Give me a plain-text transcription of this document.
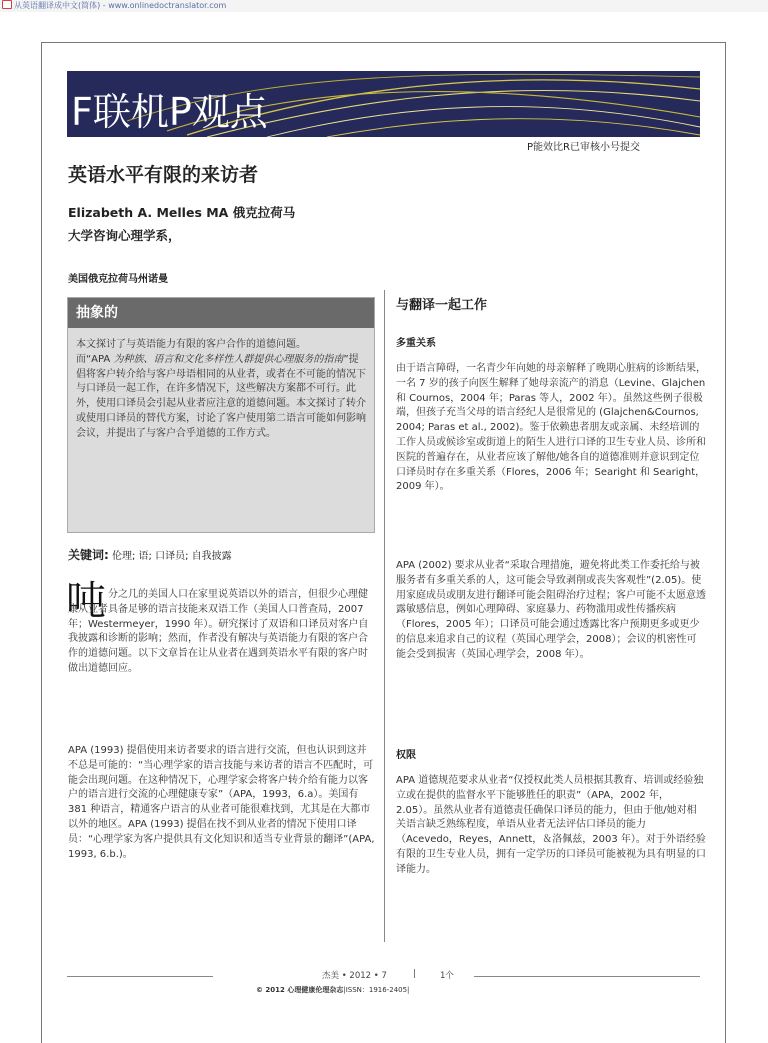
从英语翻译成中文(简体) - www.onlinedoctranslator.com
F联机P观点
P能效比R已审核小号提交
英语水平有限的来访者
Elizabeth A. Melles MA 俄克拉荷马
大学咨询心理学系，
美国俄克拉荷马州诺曼
抽象的
本文探讨了与英语能力有限的客户合作的道德问题。
而“APA 为种族、语言和文化多样性人群提供心理服务的指南”提倡将客户转介给与客户母语相同的从业者，或者在不可能的情况下与口译员一起工作，在许多情况下，这些解决方案都不可行。此外，使用口译员会引起从业者应注意的道德问题。本文探讨了转介或使用口译员的替代方案，讨论了客户使用第二语言可能如何影响会议，并提出了与客户合乎道德的工作方式。
关键词: 伦理; 语; 口译员; 自我披露
吨 分之几的美国人口在家里说英语以外的语言，但很少心理健康从业者具备足够的语言技能来双语工作（美国人口普查局，2007 年；Westermeyer，1990 年）。研究探讨了双语和口译员对客户自我披露和诊断的影响；然而，作者没有解决与英语能力有限的客户合作的道德问题。以下文章旨在让从业者在遇到英语水平有限的客户时做出道德回应。
APA (1993) 提倡使用来访者要求的语言进行交流，但也认识到这并不总是可能的：“当心理学家的语言技能与来访者的语言不匹配时，可能会出现问题。在这种情况下，心理学家会将客户转介给有能力以客户的语言进行交流的心理健康专家”（APA，1993，6.a）。美国有 381 种语言，精通客户语言的从业者可能很难找到，尤其是在大都市以外的地区。APA (1993) 提倡在找不到从业者的情况下使用口译员：“心理学家为客户提供具有文化知识和适当专业背景的翻译”(APA, 1993, 6.b.)。
与翻译一起工作
多重关系
由于语言障碍，一名青少年向她的母亲解释了晚期心脏病的诊断结果，一名 7 岁的孩子向医生解释了她母亲流产的消息（Levine、Glajchen 和 Cournos，2004 年；Paras 等人，2002 年）。虽然这些例子很极端，但孩子充当父母的语言经纪人是很常见的 (Glajchen&Cournos, 2004; Paras et al., 2002)。鉴于依赖患者朋友或亲属、未经培训的工作人员或候诊室或街道上的陌生人进行口译的卫生专业人员、诊所和医院的普遍存在，从业者应该了解他/她各自的道德准则并意识到定位口译员时存在多重关系（Flores，2006 年；Searight 和 Searight，2009 年）。
APA (2002) 要求从业者“采取合理措施，避免将此类工作委托给与被服务者有多重关系的人，这可能会导致剥削或丧失客观性”(2.05)。使用家庭成员或朋友进行翻译可能会阻碍治疗过程；客户可能不太愿意透露敏感信息，例如心理障碍、家庭暴力、药物滥用或性传播疾病（Flores，2005 年）；口译员可能会通过透露比客户预期更多或更少的信息来追求自己的议程（英国心理学会，2008）；会议的机密性可能会受到损害（英国心理学会，2008 年）。
权限
APA 道德规范要求从业者“仅授权此类人员根据其教育、培训或经验独立或在提供的监督水平下能够胜任的职责”（APA，2002 年，2.05）。虽然从业者有道德责任确保口译员的能力，但由于他/她对相关语言缺乏熟练程度，单语从业者无法评估口译员的能力（Acevedo，Reyes，Annett，＆洛佩兹，2003 年）。对于外语经验有限的卫生专业人员，拥有一定学历的口译员可能被视为具有明显的口译能力。
杰美 • 2012 • 7	|	1个
© 2012 心理健康伦理杂志|ISSN：1916-2405|
